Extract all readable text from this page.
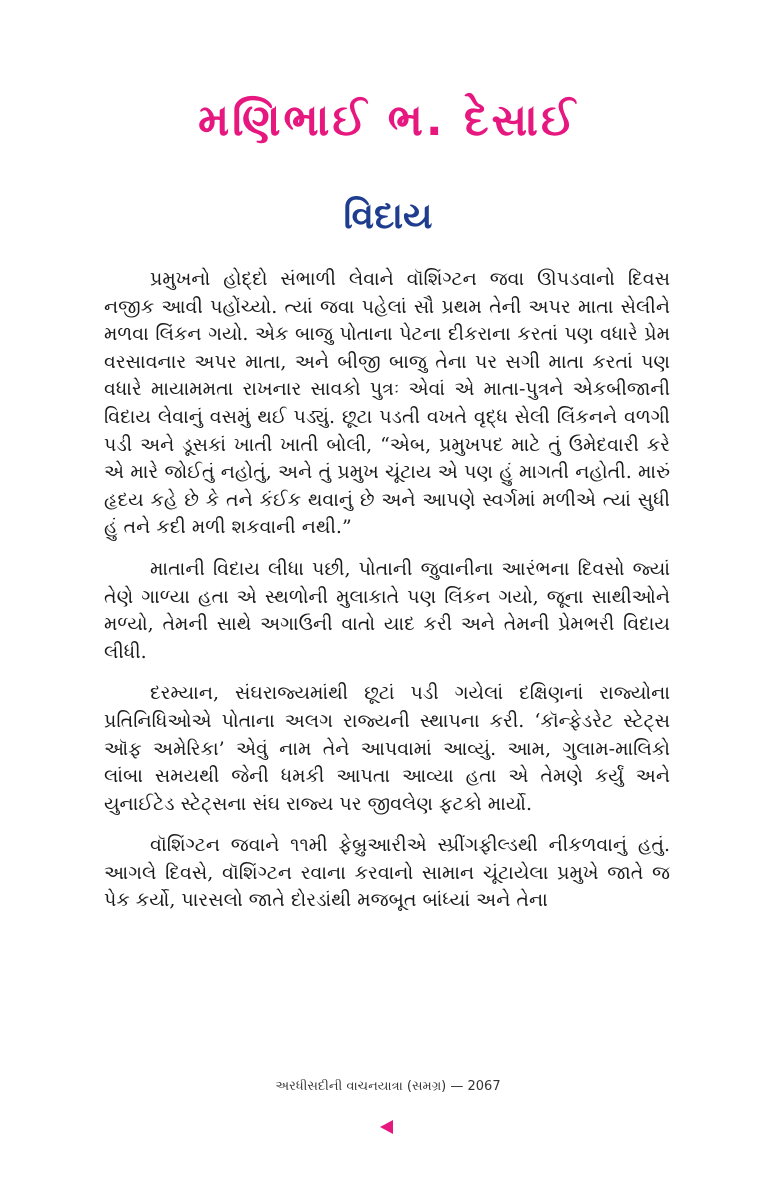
મણિભાઈ ભ. દેસાઈ
વિદાય

પ્રમુખનો હોદ્દો સંભાળી લેવાને વૉશિંગ્ટન જવા ઊપડવાનો દિવસ નજીક આવી પહોંચ્યો. ત્યાં જવા પહેલાં સૌ પ્રથમ તેની અપર માતા સેલીને મળવા લિંકન ગયો. એક બાજુ પોતાના પેટના દીકરાના કરતાં પણ વધારે પ્રેમ વરસાવનાર અપર માતા, અને બીજી બાજુ તેના પર સગી માતા કરતાં પણ વધારે માયામમતા રાખનાર સાવકો પુત્રઃ એવાં એ માતા-પુત્રને એકબીજાની વિદાય લેવાનું વસમું થઈ પડ્યું. છૂટા પડતી વખતે વૃદ્ધ સેલી લિંકનને વળગી પડી અને ડૂસકાં ખાતી ખાતી બોલી, “એબ, પ્રમુખપદ માટે તું ઉમેદવારી કરે એ મારે જોઈતું નહોતું, અને તું પ્રમુખ ચૂંટાય એ પણ હું માગતી નહોતી. મારું હૃદય કહે છે કે તને કંઈક થવાનું છે અને આપણે સ્વર્ગમાં મળીએ ત્યાં સુધી હું તને કદી મળી શકવાની નથી.”

માતાની વિદાય લીધા પછી, પોતાની જુવાનીના આરંભના દિવસો જ્યાં તેણે ગાળ્યા હતા એ સ્થળોની મુલાકાતે પણ લિંકન ગયો, જૂના સાથીઓને મળ્યો, તેમની સાથે અગાઉની વાતો યાદ કરી અને તેમની પ્રેમભરી વિદાય લીધી.

દરમ્યાન, સંઘરાજ્યમાંથી છૂટાં પડી ગયેલાં દક્ષિણનાં રાજ્યોના પ્રતિનિધિઓએ પોતાના અલગ રાજ્યની સ્થાપના કરી. ‘કૉન્ફેડરેટ સ્ટેટ્સ ઑફ અમેરિકા’ એવું નામ તેને આપવામાં આવ્યું. આમ, ગુલામ-માલિકો લાંબા સમયથી જેની ધમકી આપતા આવ્યા હતા એ તેમણે કર્યું અને યુનાઈટેડ સ્ટેટ્સના સંઘ રાજ્ય પર જીવલેણ ફટકો માર્યો.

વૉશિંગ્ટન જવાને ૧૧મી ફેબ્રુઆરીએ સ્પ્રીંગફીલ્ડથી નીકળવાનું હતું. આગલે દિવસે, વૉશિંગ્ટન રવાના કરવાનો સામાન ચૂંટાયેલા પ્રમુખે જાતે જ પેક કર્યો, પારસલો જાતે દોરડાંથી મજબૂત બાંધ્યાં અને તેના

અરધીસદીની વાચનયાત્રા (સમગ્ર) — 2067
